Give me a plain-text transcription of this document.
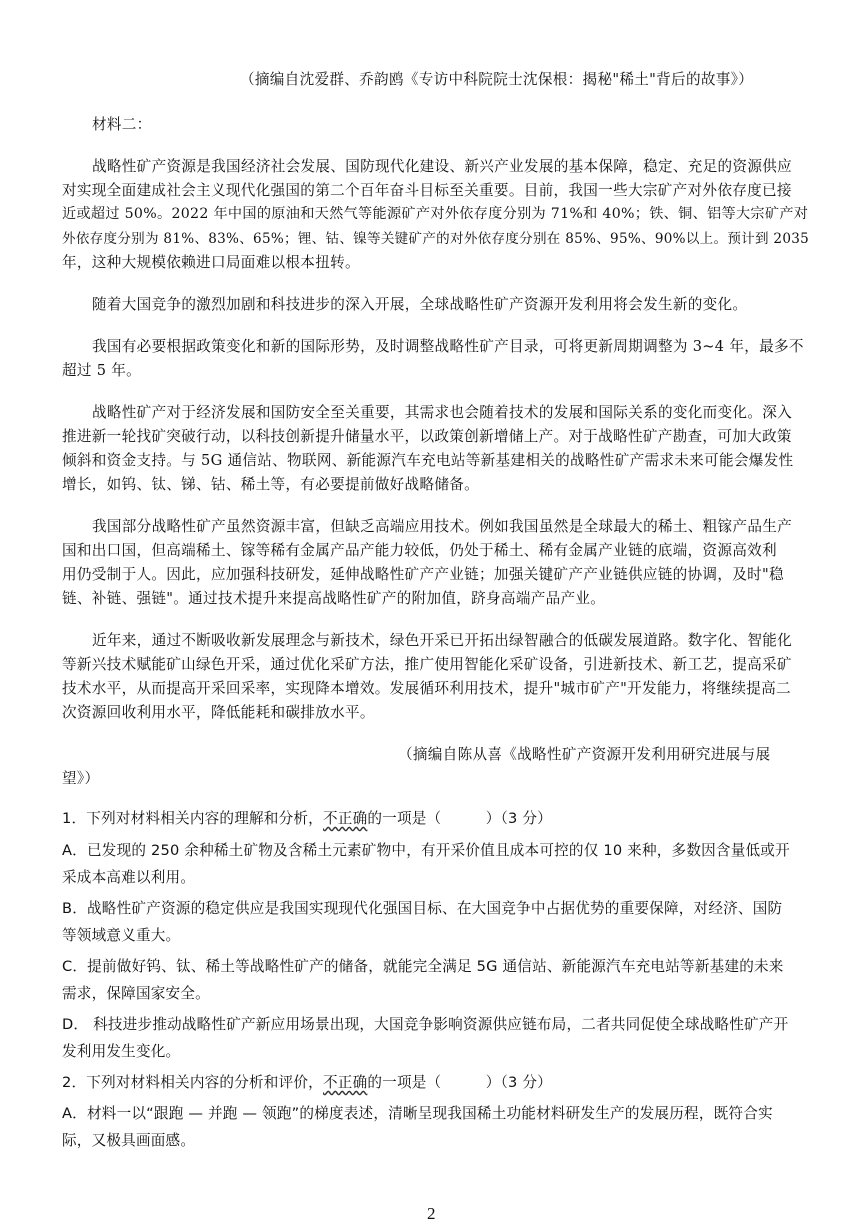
（摘编自沈爱群、乔韵鸥《专访中科院院士沈保根：揭秘"稀土"背后的故事》）
材料二：
战略性矿产资源是我国经济社会发展、国防现代化建设、新兴产业发展的基本保障，稳定、充足的资源供应
对实现全面建成社会主义现代化强国的第二个百年奋斗目标至关重要。目前，我国一些大宗矿产对外依存度已接
近或超过 50%。2022 年中国的原油和天然气等能源矿产对外依存度分别为 71%和 40%；铁、铜、铝等大宗矿产对
外依存度分别为 81%、83%、65%；锂、钴、镍等关键矿产的对外依存度分别在 85%、95%、90%以上。预计到 2035
年，这种大规模依赖进口局面难以根本扭转。
随着大国竞争的激烈加剧和科技进步的深入开展，全球战略性矿产资源开发利用将会发生新的变化。
我国有必要根据政策变化和新的国际形势，及时调整战略性矿产目录，可将更新周期调整为 3~4 年，最多不
超过 5 年。
战略性矿产对于经济发展和国防安全至关重要，其需求也会随着技术的发展和国际关系的变化而变化。深入
推进新一轮找矿突破行动，以科技创新提升储量水平，以政策创新增储上产。对于战略性矿产勘查，可加大政策
倾斜和资金支持。与 5G 通信站、物联网、新能源汽车充电站等新基建相关的战略性矿产需求未来可能会爆发性
增长，如钨、钛、锑、钴、稀土等，有必要提前做好战略储备。
我国部分战略性矿产虽然资源丰富，但缺乏高端应用技术。例如我国虽然是全球最大的稀土、粗镓产品生产
国和出口国，但高端稀土、镓等稀有金属产品产能力较低，仍处于稀土、稀有金属产业链的底端，资源高效利
用仍受制于人。因此，应加强科技研发，延伸战略性矿产产业链；加强关键矿产产业链供应链的协调，及时"稳
链、补链、强链"。通过技术提升来提高战略性矿产的附加值，跻身高端产品产业。
近年来，通过不断吸收新发展理念与新技术，绿色开采已开拓出绿智融合的低碳发展道路。数字化、智能化
等新兴技术赋能矿山绿色开采，通过优化采矿方法，推广使用智能化采矿设备，引进新技术、新工艺，提高采矿
技术水平，从而提高开采回采率，实现降本增效。发展循环利用技术，提升"城市矿产"开发能力，将继续提高二
次资源回收利用水平，降低能耗和碳排放水平。
（摘编自陈从喜《战略性矿产资源开发利用研究进展与展
望》）
1．下列对材料相关内容的理解和分析，不正确的一项是（　　　）（3 分）
A．已发现的 250 余种稀土矿物及含稀土元素矿物中，有开采价值且成本可控的仅 10 来种，多数因含量低或开
采成本高难以利用。
B．战略性矿产资源的稳定供应是我国实现现代化强国目标、在大国竞争中占据优势的重要保障，对经济、国防
等领域意义重大。
C．提前做好钨、钛、稀土等战略性矿产的储备，就能完全满足 5G 通信站、新能源汽车充电站等新基建的未来
需求，保障国家安全。
D． 科技进步推动战略性矿产新应用场景出现，大国竞争影响资源供应链布局，二者共同促使全球战略性矿产开
发利用发生变化。
2．下列对材料相关内容的分析和评价，不正确的一项是（　　　）（3 分）
A．材料一以“跟跑 — 并跑 — 领跑”的梯度表述，清晰呈现我国稀土功能材料研发生产的发展历程，既符合实
际，又极具画面感。
2
